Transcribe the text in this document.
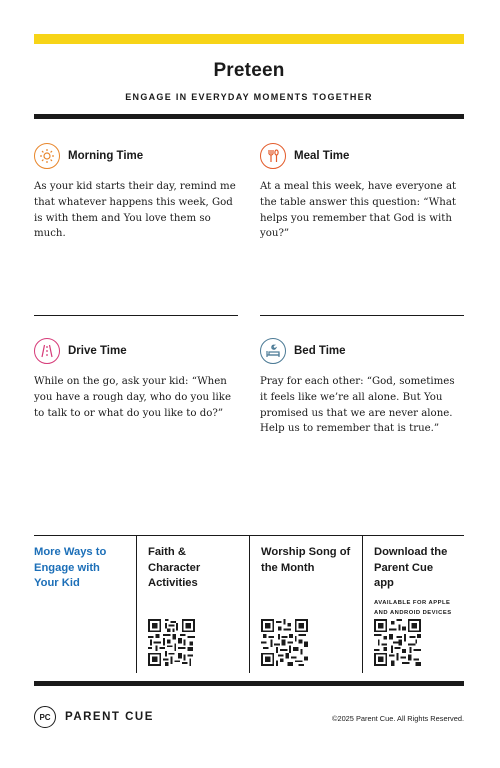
Preteen
ENGAGE IN EVERYDAY MOMENTS TOGETHER
Morning Time
As your kid starts their day, remind me that whatever happens this week, God is with them and You love them so much.
Meal Time
At a meal this week, have everyone at the table answer this question: “What helps you remember that God is with you?”
Drive Time
While on the go, ask your kid: “When you have a rough day, who do you like to talk to or what do you like to do?”
Bed Time
Pray for each other: “God, sometimes it feels like we’re all alone. But You promised us that we are never alone. Help us to remember that is true.”
More Ways to Engage with Your Kid
Faith & Character Activities
Worship Song of the Month
Download the Parent Cue app
AVAILABLE FOR APPLE AND ANDROID DEVICES
PC	PARENT CUE	©2025 Parent Cue. All Rights Reserved.
